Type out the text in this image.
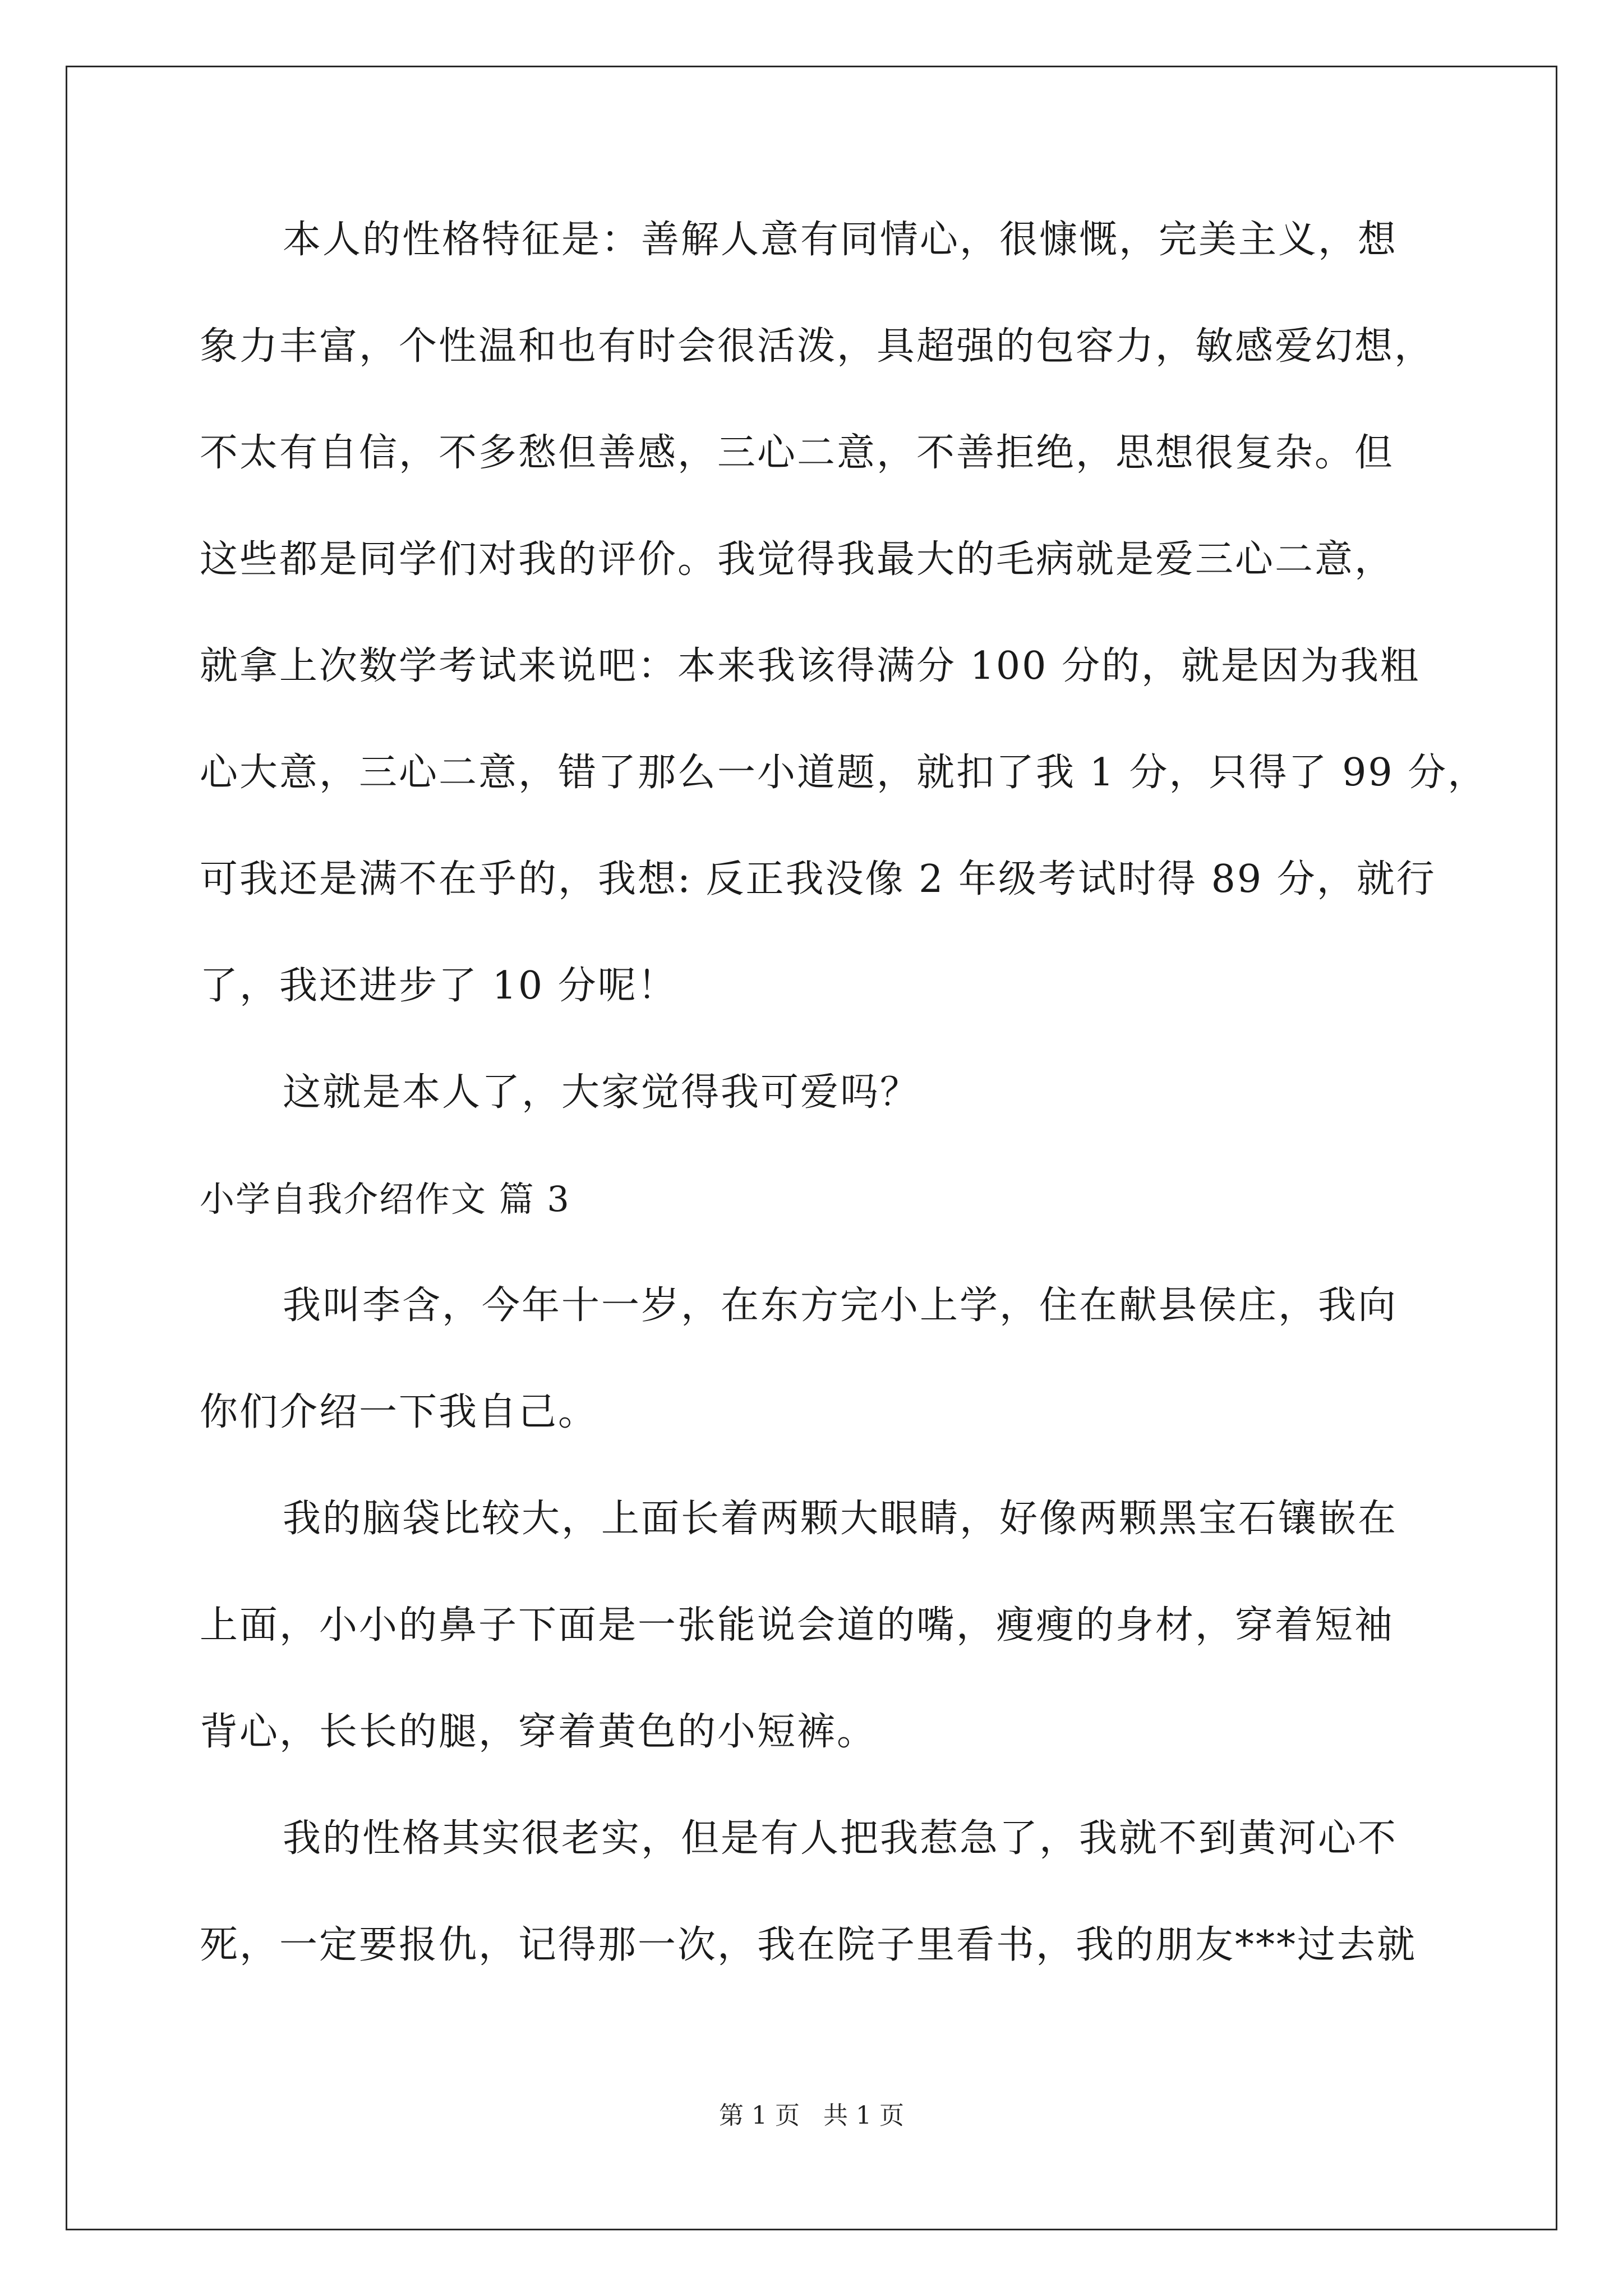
本人的性格特征是：善解人意有同情心，很慷慨，完美主义，想
象力丰富，个性温和也有时会很活泼，具超强的包容力，敏感爱幻想，
不太有自信，不多愁但善感，三心二意，不善拒绝，思想很复杂。但
这些都是同学们对我的评价。我觉得我最大的毛病就是爱三心二意，
就拿上次数学考试来说吧：本来我该得满分 100 分的，就是因为我粗
心大意，三心二意，错了那么一小道题，就扣了我 1 分，只得了 99 分，
可我还是满不在乎的，我想: 反正我没像 2 年级考试时得 89 分，就行
了，我还进步了 10 分呢！
这就是本人了，大家觉得我可爱吗？
小学自我介绍作文 篇 3
我叫李含，今年十一岁，在东方完小上学，住在献县侯庄，我向
你们介绍一下我自己。
我的脑袋比较大，上面长着两颗大眼睛，好像两颗黑宝石镶嵌在
上面，小小的鼻子下面是一张能说会道的嘴，瘦瘦的身材，穿着短袖
背心，长长的腿，穿着黄色的小短裤。
我的性格其实很老实，但是有人把我惹急了，我就不到黄河心不
死，一定要报仇，记得那一次，我在院子里看书，我的朋友***过去就
第 1 页 共 1 页
